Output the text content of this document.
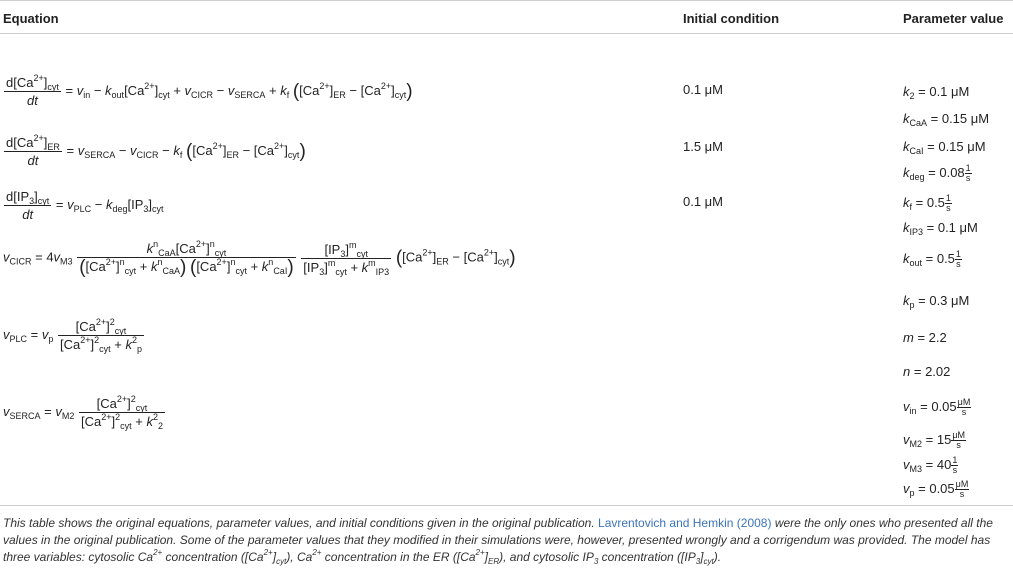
Equation	Initial condition	Parameter value
$d[Ca^{2+}]_{cyt}$
dt
= $v_{in} - k_{out}[Ca^{2+}]_{cyt} + v_{CICR} - v_{SERCA} + k_f$ $([Ca^{2+}]_{ER} - [Ca^{2+}]_{cyt})$
$\frac{d[Ca^{2+}]_{ER}}{dt} = v_{SERCA} - v_{CICR} - k_f$ $([Ca^{2+}]_{ER} - [Ca^{2+}]_{cyt})$
$d[IP_3]_{cyt}$
dt
= $v_{PLC} - k_{deg}[IP_3]_{cyt}$
$v_{CICR} = 4v_{M3}$
$k^n_{CaA}[Ca^{2+}]^n_{cyt}$
$([Ca^{2+}]^n_{cyt} + k^n_{CaA}) ([Ca^{2+}]^n_{cyt} + k^n_{CaI})$

$[IP_3]^m_{cyt}$
$[IP_3]^m_{cyt} + k^m_{IP3}$
$([Ca^{2+}]_{ER} - [Ca^{2+}]_{cyt})$
$v_{PLC} = v_p$
$[Ca^{2+}]^2_{cyt}$
$[Ca^{2+}]^2_{cyt} + k^2_p$
$v_{SERCA} = v_{M2}$
$[Ca^{2+}]^2_{cyt}$
$[Ca^{2+}]^2_{cyt} + k^2_2$
0.1 μM
1.5 μM
0.1 μM
$k_2 = 0.1$ μM
$k_{CaA} = 0.15$ μM
$k_{CaI} = 0.15$ μM
$k_{deg} = 0.08 \frac{1}{s}$
$k_f = 0.5 \frac{1}{s}$
$k_{IP3} = 0.1$ μM
$k_{out} = 0.5 \frac{1}{s}$
$k_p = 0.3$ μM
m = 2.2
n = 2.02
$v_{in} = 0.05 \frac{\mu M}{s}$
$v_{M2} = 15 \frac{\mu M}{s}$
$v_{M3} = 40 \frac{1}{s}$
$v_p = 0.05 \frac{\mu M}{s}$
This table shows the original equations, parameter values, and initial conditions given in the original publication. Lavrentovich and Hemkin (2008) were the only ones who presented all the values in the original publication. Some of the parameter values that they modified in their simulations were, however, presented wrongly and a corrigendum was provided. The model has three variables: cytosolic $Ca^{2+}$ concentration $([Ca^{2+}]_{cyt})$, $Ca^{2+}$ concentration in the ER $([Ca^{2+}]_{ER})$, and cytosolic $IP_3$ concentration $([IP_3]_{cyt})$.
